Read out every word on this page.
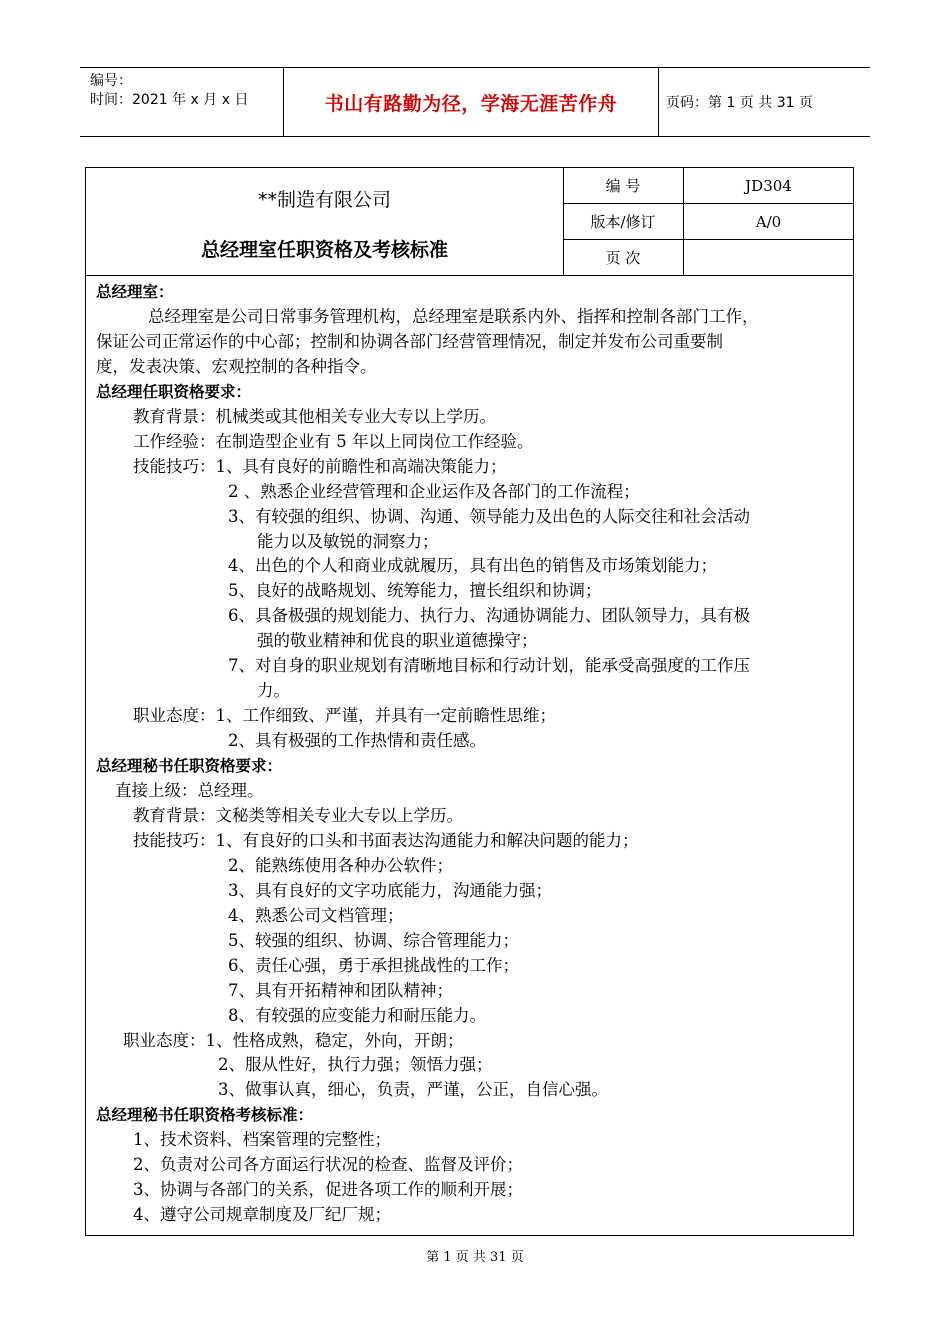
编号：
时间：2021 年 x 月 x 日	书山有路勤为径，学海无涯苦作舟	页码：第 1 页 共 31 页
**制造有限公司
总经理室任职资格及考核标准
编 号	JD304
版本/修订	A/0
页 次
总经理室：
总经理室是公司日常事务管理机构，总经理室是联系内外、指挥和控制各部门工作，
保证公司正常运作的中心部；控制和协调各部门经营管理情况，制定并发布公司重要制
度，发表决策、宏观控制的各种指令。
总经理任职资格要求：
教育背景：机械类或其他相关专业大专以上学历。
工作经验：在制造型企业有 5 年以上同岗位工作经验。
技能技巧：1、具有良好的前瞻性和高端决策能力；
2 、熟悉企业经营管理和企业运作及各部门的工作流程；
3、有较强的组织、协调、沟通、领导能力及出色的人际交往和社会活动
能力以及敏锐的洞察力；
4、出色的个人和商业成就履历，具有出色的销售及市场策划能力；
5、良好的战略规划、统筹能力，擅长组织和协调；
6、具备极强的规划能力、执行力、沟通协调能力、团队领导力，具有极
强的敬业精神和优良的职业道德操守；
7、对自身的职业规划有清晰地目标和行动计划，能承受高强度的工作压
力。
职业态度：1、工作细致、严谨，并具有一定前瞻性思维；
2、具有极强的工作热情和责任感。
总经理秘书任职资格要求：
直接上级：总经理。
教育背景：文秘类等相关专业大专以上学历。
技能技巧：1、有良好的口头和书面表达沟通能力和解决问题的能力；
2、能熟练使用各种办公软件；
3、具有良好的文字功底能力，沟通能力强；
4、熟悉公司文档管理；
5、较强的组织、协调、综合管理能力；
6、责任心强，勇于承担挑战性的工作；
7、具有开拓精神和团队精神；
8、有较强的应变能力和耐压能力。
职业态度：1、性格成熟，稳定，外向，开朗；
2、服从性好，执行力强；领悟力强；
3、做事认真，细心，负责，严谨，公正，自信心强。
总经理秘书任职资格考核标准：
1、技术资料、档案管理的完整性；
2、负责对公司各方面运行状况的检查、监督及评价；
3、协调与各部门的关系，促进各项工作的顺利开展；
4、遵守公司规章制度及厂纪厂规；
第 1 页 共 31 页
